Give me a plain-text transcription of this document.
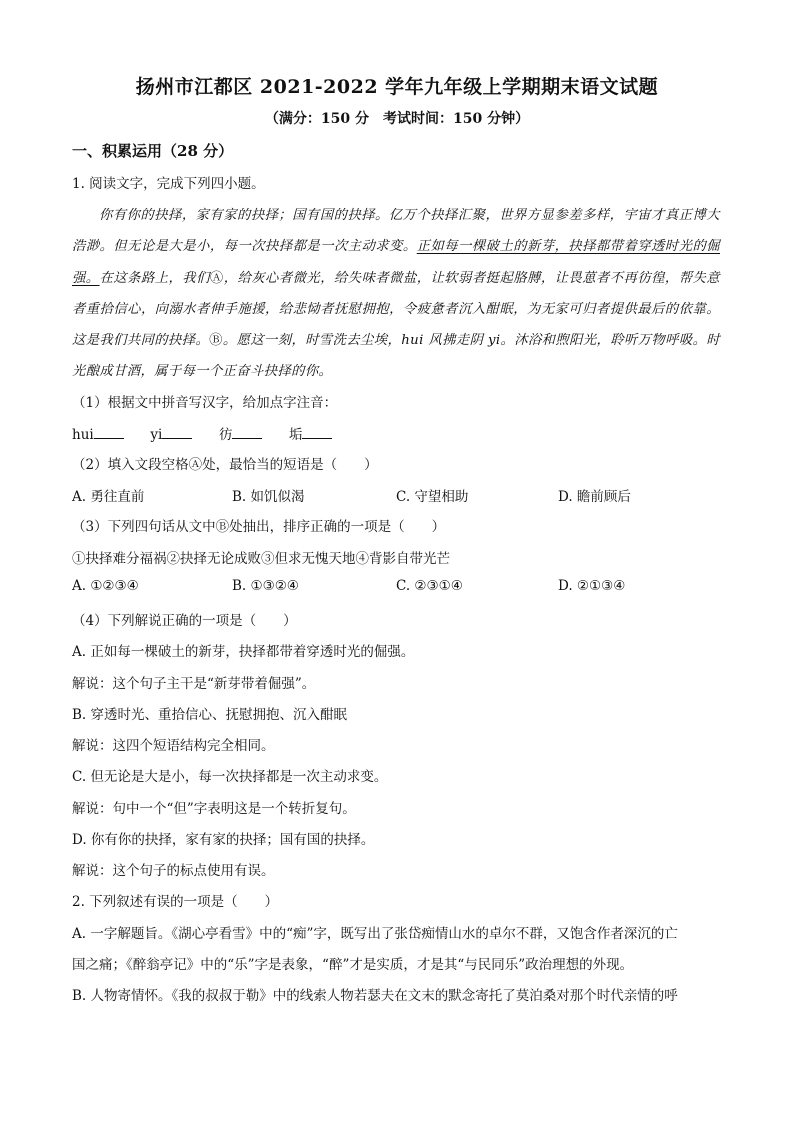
扬州市江都区 2021-2022 学年九年级上学期期末语文试题
（满分：150 分　考试时间：150 分钟）
一、积累运用（28 分）
1. 阅读文字，完成下列四小题。
你有你的抉择，家有家的抉择；国有国的抉择。亿万个抉择汇聚，世界方显参差多样，宇宙才真正博大浩渺。但无论是大是小，每一次抉择都是一次主动求变。正如每一棵破土的新芽，抉择都带着穿透时光的倔强。在这条路上，我们Ⓐ，给灰心者微光，给失味者微盐，让软弱者挺起胳膊，让畏葸者不再彷徨，帮失意者重拾信心，向溺水者伸手施援，给悲恸者抚慰拥抱，令疲惫者沉入酣眠，为无家可归者提供最后的依靠。这是我们共同的抉择。Ⓑ。愿这一刻，时雪洗去尘埃，hui 风拂走阴 yi。沐浴和煦阳光，聆听万物呼吸。时光酿成甘酒，属于每一个正奋斗抉择的你。
（1）根据文中拼音写汉字，给加点字注音：
hui	yi	彷	垢
（2）填入文段空格Ⓐ处，最恰当的短语是（　　）
A. 勇往直前	B. 如饥似渴	C. 守望相助	D. 瞻前顾后
（3）下列四句话从文中Ⓑ处抽出，排序正确的一项是（　　）
①抉择难分福祸②抉择无论成败③但求无愧天地④背影自带光芒
A. ①②③④	B. ①③②④	C. ②③①④	D. ②①③④
（4）下列解说正确的一项是（　　）
A. 正如每一棵破土的新芽，抉择都带着穿透时光的倔强。
解说：这个句子主干是“新芽带着倔强”。
B. 穿透时光、重拾信心、抚慰拥抱、沉入酣眠
解说：这四个短语结构完全相同。
C. 但无论是大是小，每一次抉择都是一次主动求变。
解说：句中一个“但”字表明这是一个转折复句。
D. 你有你的抉择，家有家的抉择；国有国的抉择。
解说：这个句子的标点使用有误。
2. 下列叙述有误的一项是（　　）
A. 一字解题旨。《湖心亭看雪》中的“痴”字，既写出了张岱痴情山水的卓尔不群，又饱含作者深沉的亡
国之痛；《醉翁亭记》中的“乐”字是表象，“醉”才是实质，才是其“与民同乐”政治理想的外现。
B. 人物寄情怀。《我的叔叔于勒》中的线索人物若瑟夫在文末的默念寄托了莫泊桑对那个时代亲情的呼
